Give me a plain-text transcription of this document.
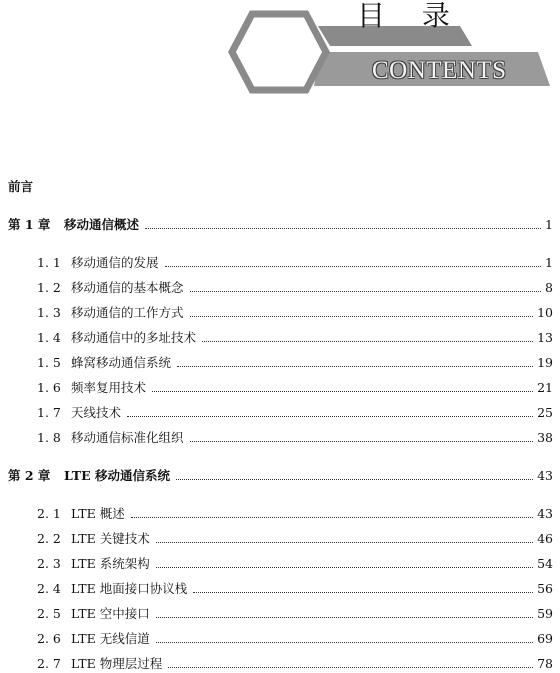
目 录
CONTENTS
前言
第 1 章	移动通信概述	1
1. 1 移动通信的发展	1
1. 2 移动通信的基本概念	8
1. 3 移动通信的工作方式	10
1. 4 移动通信中的多址技术	13
1. 5 蜂窝移动通信系统	19
1. 6 频率复用技术	21
1. 7 天线技术	25
1. 8 移动通信标准化组织	38
第 2 章	LTE 移动通信系统	43
2. 1 LTE 概述	43
2. 2 LTE 关键技术	46
2. 3 LTE 系统架构	54
2. 4 LTE 地面接口协议栈	56
2. 5 LTE 空中接口	59
2. 6 LTE 无线信道	69
2. 7 LTE 物理层过程	78
